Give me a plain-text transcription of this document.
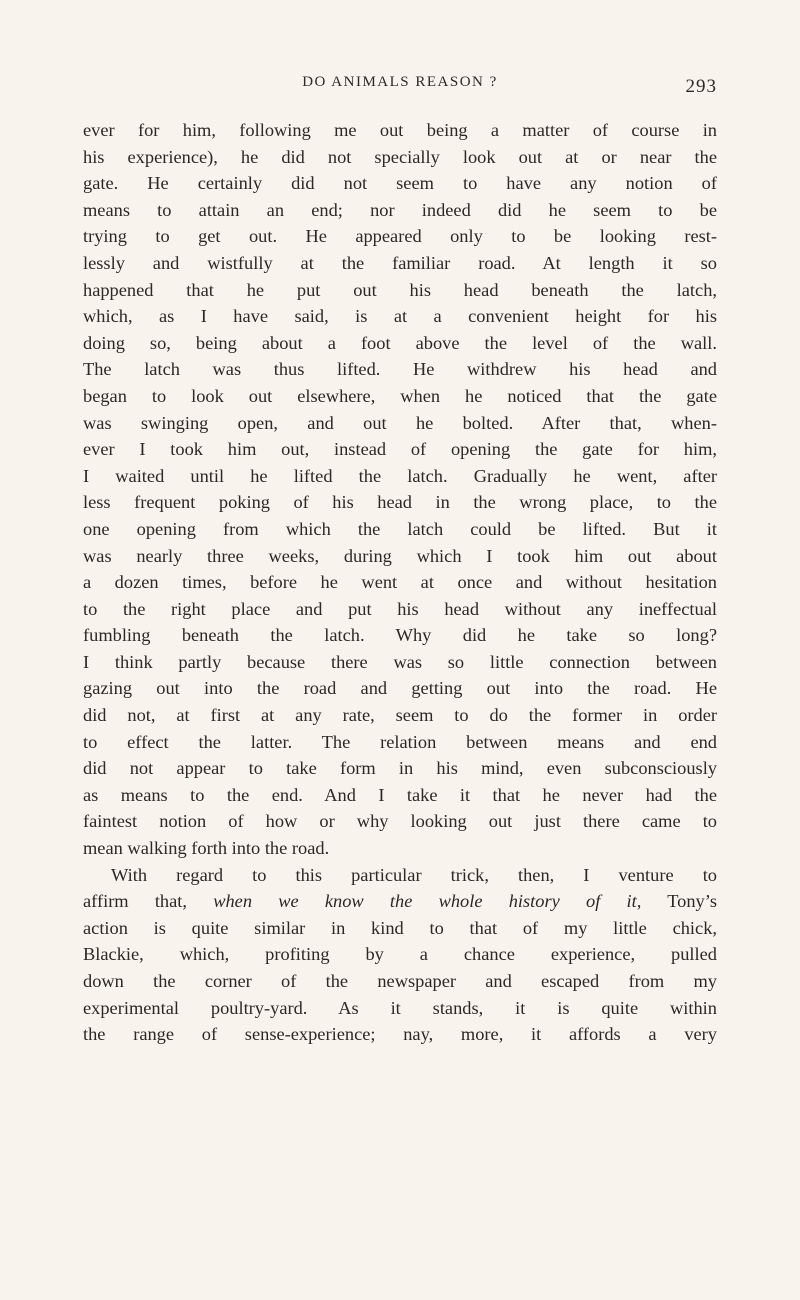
DO ANIMALS REASON ?	293
ever for him, following me out being a matter of course in
his experience), he did not specially look out at or near the
gate. He certainly did not seem to have any notion of
means to attain an end; nor indeed did he seem to be
trying to get out. He appeared only to be looking rest-
lessly and wistfully at the familiar road. At length it so
happened that he put out his head beneath the latch,
which, as I have said, is at a convenient height for his
doing so, being about a foot above the level of the wall.
The latch was thus lifted. He withdrew his head and
began to look out elsewhere, when he noticed that the gate
was swinging open, and out he bolted. After that, when-
ever I took him out, instead of opening the gate for him,
I waited until he lifted the latch. Gradually he went, after
less frequent poking of his head in the wrong place, to the
one opening from which the latch could be lifted. But it
was nearly three weeks, during which I took him out about
a dozen times, before he went at once and without hesitation
to the right place and put his head without any ineffectual
fumbling beneath the latch. Why did he take so long?
I think partly because there was so little connection between
gazing out into the road and getting out into the road. He
did not, at first at any rate, seem to do the former in order
to effect the latter. The relation between means and end
did not appear to take form in his mind, even subconsciously
as means to the end. And I take it that he never had the
faintest notion of how or why looking out just there came to
mean walking forth into the road.
With regard to this particular trick, then, I venture to
affirm that, when we know the whole history of it, Tony’s
action is quite similar in kind to that of my little chick,
Blackie, which, profiting by a chance experience, pulled
down the corner of the newspaper and escaped from my
experimental poultry-yard. As it stands, it is quite within
the range of sense-experience; nay, more, it affords a very
